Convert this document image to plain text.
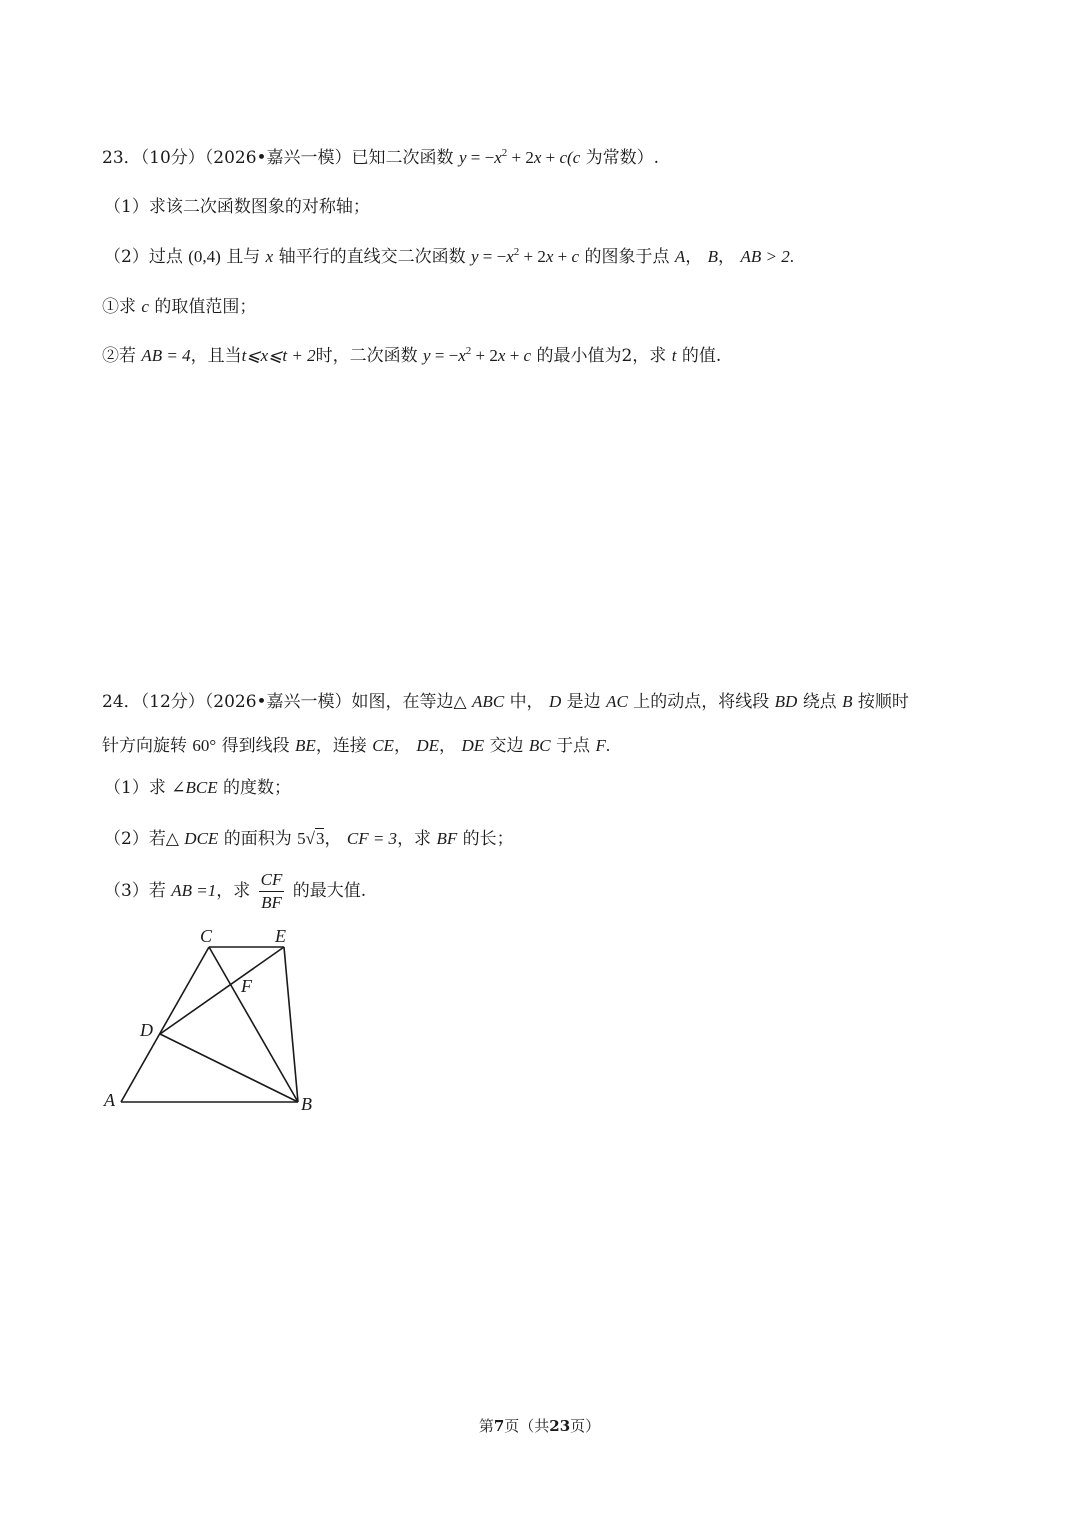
23．（10分）（2026•嘉兴一模）已知二次函数 $y = -x^2 + 2x + c(c$ 为常数）.
（1）求该二次函数图象的对称轴；
（2）过点 (0,4) 且与 x 轴平行的直线交二次函数 $y = -x^2 + 2x + c$ 的图象于点 A， B， AB > 2.
①求 c 的取值范围；
②若 AB = 4，且当t⩽x⩽t + 2时，二次函数 $y = -x^2 + 2x + c$ 的最小值为2，求 t 的值.
24．（12分）（2026•嘉兴一模）如图，在等边△ ABC 中， D 是边 AC 上的动点，将线段 BD 绕点 B 按顺时
针方向旋转 60° 得到线段 BE，连接 CE， DE， DE 交边 BC 于点 F.
（1）求 ∠BCE 的度数；
（2）若△ DCE 的面积为 5√3， CF = 3，求 BF 的长；
（3）若 AB =1，求 $\frac{CF}{BF}$ 的最大值.
A	B
C
D
E
F
第7页（共23页）
